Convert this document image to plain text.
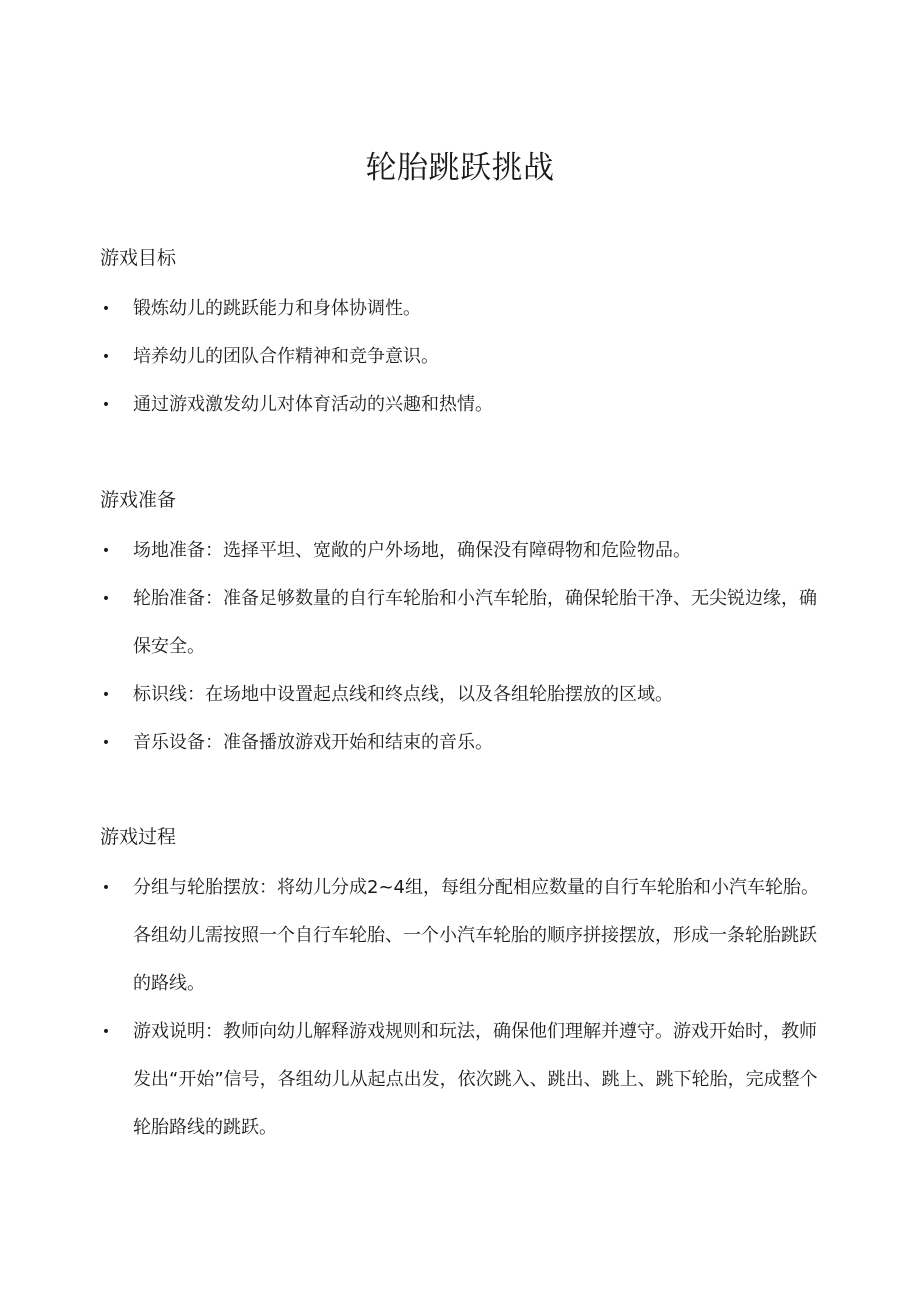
轮胎跳跃挑战
游戏目标
• 锻炼幼儿的跳跃能力和身体协调性。
• 培养幼儿的团队合作精神和竞争意识。
• 通过游戏激发幼儿对体育活动的兴趣和热情。
游戏准备
• 场地准备：选择平坦、宽敞的户外场地，确保没有障碍物和危险物品。
• 轮胎准备：准备足够数量的自行车轮胎和小汽车轮胎，确保轮胎干净、无尖锐边缘，确保安全。
• 标识线：在场地中设置起点线和终点线，以及各组轮胎摆放的区域。
• 音乐设备：准备播放游戏开始和结束的音乐。
游戏过程
• 分组与轮胎摆放：将幼儿分成2~4组，每组分配相应数量的自行车轮胎和小汽车轮胎。各组幼儿需按照一个自行车轮胎、一个小汽车轮胎的顺序拼接摆放，形成一条轮胎跳跃的路线。
• 游戏说明：教师向幼儿解释游戏规则和玩法，确保他们理解并遵守。游戏开始时，教师发出“开始”信号，各组幼儿从起点出发，依次跳入、跳出、跳上、跳下轮胎，完成整个轮胎路线的跳跃。
